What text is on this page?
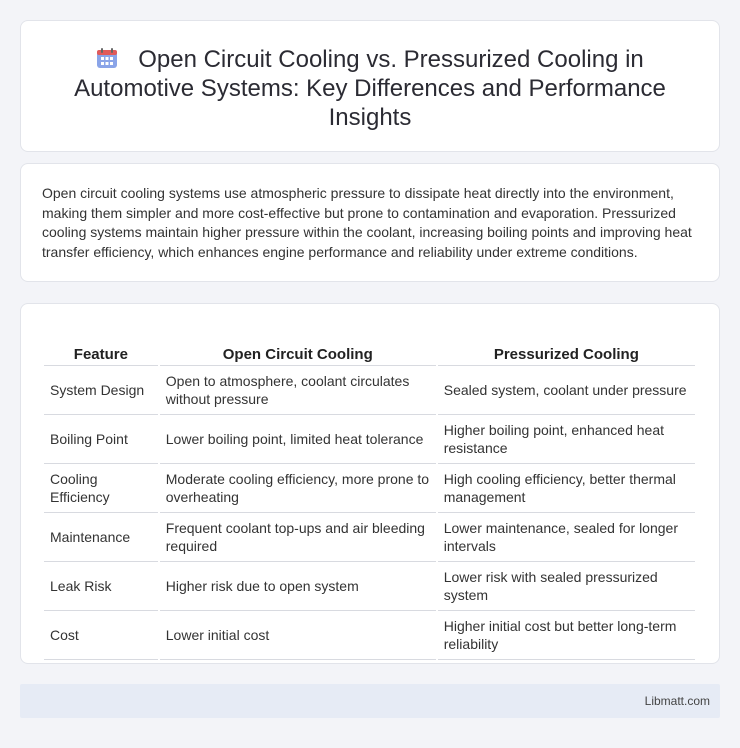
Open Circuit Cooling vs. Pressurized Cooling in Automotive Systems: Key Differences and Performance Insights

Open circuit cooling systems use atmospheric pressure to dissipate heat directly into the environment, making them simpler and more cost-effective but prone to contamination and evaporation. Pressurized cooling systems maintain higher pressure within the coolant, increasing boiling points and improving heat transfer efficiency, which enhances engine performance and reliability under extreme conditions.

Feature	Open Circuit Cooling	Pressurized Cooling
System Design	Open to atmosphere, coolant circulates without pressure	Sealed system, coolant under pressure
Boiling Point	Lower boiling point, limited heat tolerance	Higher boiling point, enhanced heat resistance
Cooling Efficiency	Moderate cooling efficiency, more prone to overheating	High cooling efficiency, better thermal management
Maintenance	Frequent coolant top-ups and air bleeding required	Lower maintenance, sealed for longer intervals
Leak Risk	Higher risk due to open system	Lower risk with sealed pressurized system
Cost	Lower initial cost	Higher initial cost but better long-term reliability
Libmatt.com
